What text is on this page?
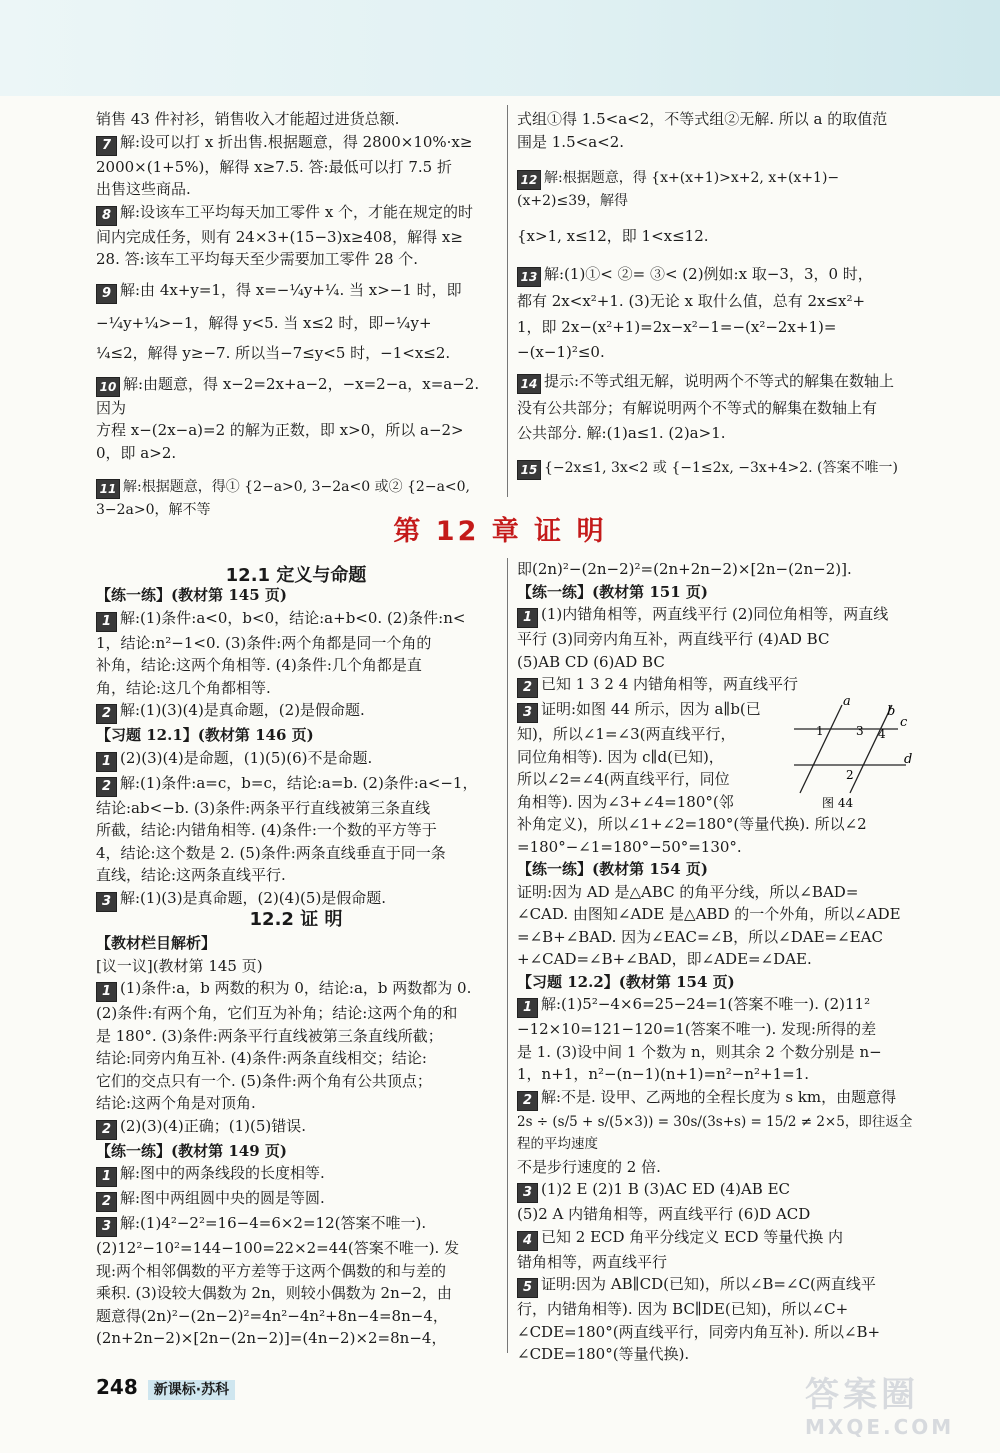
销售 43 件衬衫，销售收入才能超过进货总额.

7 解:设可以打 x 折出售.根据题意，得 2800×10%·x≥

2000×(1+5%)，解得 x≥7.5. 答:最低可以打 7.5 折

出售这些商品.

8 解:设该车工平均每天加工零件 x 个，才能在规定的时

间内完成任务，则有 24×3+(15−3)x≥408，解得 x≥

28. 答:该车工平均每天至少需要加工零件 28 个.

9 解:由 4x+y=1，得 x=−¼y+¼. 当 x>−1 时，即

−¼y+¼>−1，解得 y<5. 当 x≤2 时，即−¼y+

¼≤2，解得 y≥−7. 所以当−7≤y<5 时，−1<x≤2.

10 解:由题意，得 x−2=2x+a−2，−x=2−a，x=a−2. 因为

方程 x−(2x−a)=2 的解为正数，即 x>0，所以 a−2>

0，即 a>2.

11 解:根据题意，得① {2−a>0, 3−2a<0 或② {2−a<0, 3−2a>0，解不等

式组①得 1.5<a<2，不等式组②无解. 所以 a 的取值范

围是 1.5<a<2.

12 解:根据题意，得 {x+(x+1)>x+2, x+(x+1)−(x+2)≤39，解得

{x>1, x≤12，即 1<x≤12.

13 解:(1)①< ②= ③< (2)例如:x 取−3，3，0 时，

都有 2x<x²+1. (3)无论 x 取什么值，总有 2x≤x²+

1，即 2x−(x²+1)=2x−x²−1=−(x²−2x+1)=

−(x−1)²≤0.

14 提示:不等式组无解，说明两个不等式的解集在数轴上

没有公共部分；有解说明两个不等式的解集在数轴上有

公共部分. 解:(1)a≤1. (2)a>1.

15 {−2x≤1, 3x<2 或 {−1≤2x, −3x+4>2. (答案不唯一)

第 12 章 证 明
12.1 定义与命题

【练一练】(教材第 145 页)

1 解:(1)条件:a<0，b<0，结论:a+b<0. (2)条件:n<

1，结论:n²−1<0. (3)条件:两个角都是同一个角的

补角，结论:这两个角相等. (4)条件:几个角都是直

角，结论:这几个角都相等.

2 解:(1)(3)(4)是真命题，(2)是假命题.

【习题 12.1】(教材第 146 页)

1 (2)(3)(4)是命题，(1)(5)(6)不是命题.

2 解:(1)条件:a=c，b=c，结论:a=b. (2)条件:a<−1，

结论:ab<−b. (3)条件:两条平行直线被第三条直线

所截，结论:内错角相等. (4)条件:一个数的平方等于

4，结论:这个数是 2. (5)条件:两条直线垂直于同一条

直线，结论:这两条直线平行.

3 解:(1)(3)是真命题，(2)(4)(5)是假命题.

12.2 证 明

【教材栏目解析】

[议一议](教材第 145 页)

1 (1)条件:a，b 两数的积为 0，结论:a，b 两数都为 0.

(2)条件:有两个角，它们互为补角；结论:这两个角的和

是 180°. (3)条件:两条平行直线被第三条直线所截；

结论:同旁内角互补. (4)条件:两条直线相交；结论:

它们的交点只有一个. (5)条件:两个角有公共顶点；

结论:这两个角是对顶角.

2 (2)(3)(4)正确；(1)(5)错误.

【练一练】(教材第 149 页)

1 解:图中的两条线段的长度相等.

2 解:图中两组圆中央的圆是等圆.

3 解:(1)4²−2²=16−4=6×2=12(答案不唯一).

(2)12²−10²=144−100=22×2=44(答案不唯一). 发

现:两个相邻偶数的平方差等于这两个偶数的和与差的

乘积. (3)设较大偶数为 2n，则较小偶数为 2n−2，由

题意得(2n)²−(2n−2)²=4n²−4n²+8n−4=8n−4，

(2n+2n−2)×[2n−(2n−2)]=(4n−2)×2=8n−4，

即(2n)²−(2n−2)²=(2n+2n−2)×[2n−(2n−2)].

【练一练】(教材第 151 页)

1 (1)内错角相等，两直线平行 (2)同位角相等，两直线

平行 (3)同旁内角互补，两直线平行 (4)AD BC

(5)AB CD (6)AD BC

2 已知 1 3 2 4 内错角相等，两直线平行

3 证明:如图 44 所示，因为 a∥b(已

知)，所以∠1=∠3(两直线平行，

同位角相等). 因为 c∥d(已知)，

所以∠2=∠4(两直线平行，同位

角相等). 因为∠3+∠4=180°(邻

补角定义)，所以∠1+∠2=180°(等量代换). 所以∠2

=180°−∠1=180°−50°=130°.

【练一练】(教材第 154 页)

证明:因为 AD 是△ABC 的角平分线，所以∠BAD=

∠CAD. 由图知∠ADE 是△ABD 的一个外角，所以∠ADE

=∠B+∠BAD. 因为∠EAC=∠B，所以∠DAE=∠EAC

+∠CAD=∠B+∠BAD，即∠ADE=∠DAE.

【习题 12.2】(教材第 154 页)

1 解:(1)5²−4×6=25−24=1(答案不唯一). (2)11²

−12×10=121−120=1(答案不唯一). 发现:所得的差

是 1. (3)设中间 1 个数为 n，则其余 2 个数分别是 n−

1，n+1，n²−(n−1)(n+1)=n²−n²+1=1.

2 解:不是. 设甲、乙两地的全程长度为 s km，由题意得

2s ÷ (s/5 + s/(5×3)) = 30s/(3s+s) = 15/2 ≠ 2×5，即往返全程的平均速度

不是步行速度的 2 倍.

3 (1)2 E (2)1 B (3)AC ED (4)AB EC

(5)2 A 内错角相等，两直线平行 (6)D ACD

4 已知 2 ECD 角平分线定义 ECD 等量代换 内

错角相等，两直线平行

5 证明:因为 AB∥CD(已知)，所以∠B=∠C(两直线平

行，内错角相等). 因为 BC∥DE(已知)，所以∠C+

∠CDE=180°(两直线平行，同旁内角互补). 所以∠B+

∠CDE=180°(等量代换).

a
b
c
d
1	3 4
2
图 44
248 新课标·苏科	答案圈
MXQE.COM
